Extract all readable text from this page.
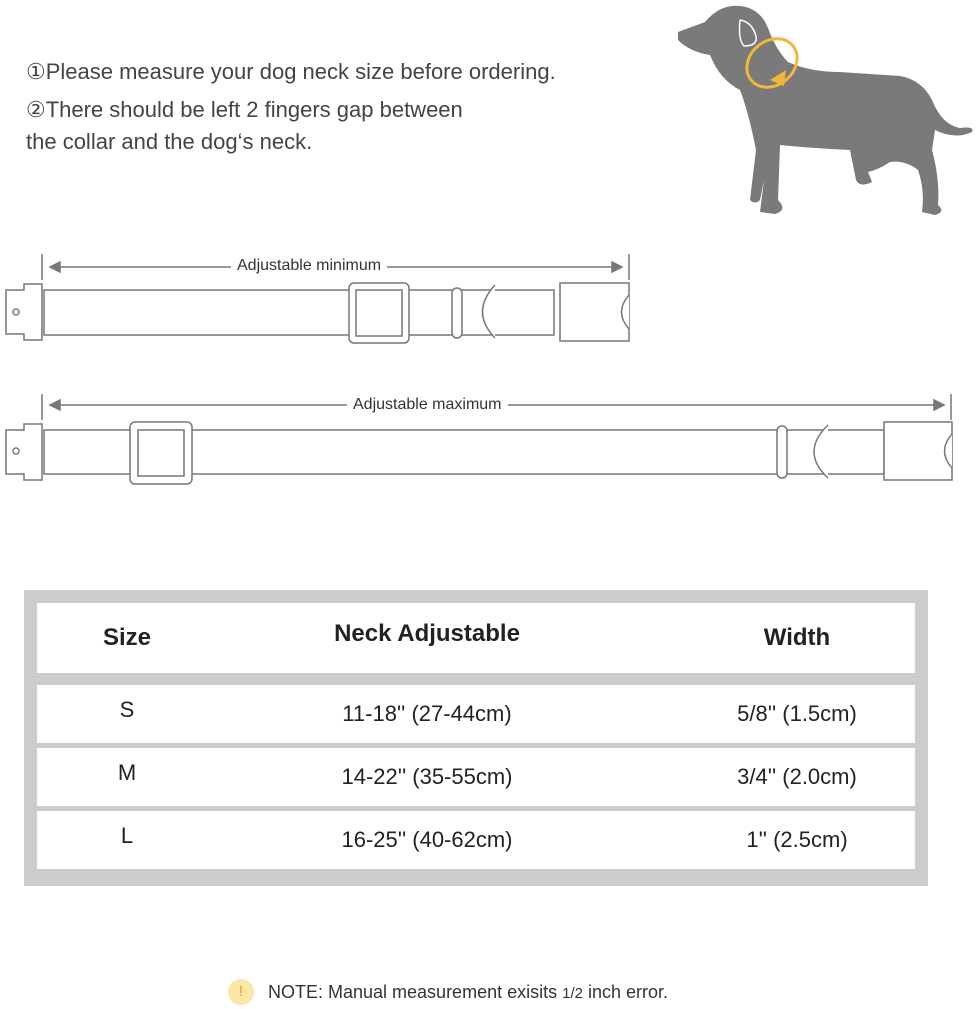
①Please measure your dog neck size before ordering.
②There should be left 2 fingers gap between
the collar and the dog‘s neck.
Adjustable minimum
Adjustable maximum
Size	Neck Adjustable	Width
S	11-18'' (27-44cm)	5/8'' (1.5cm)
M	14-22'' (35-55cm)	3/4'' (2.0cm)
L	16-25'' (40-62cm)	1'' (2.5cm)
!	NOTE: Manual measurement exisits 1/2 inch error.
